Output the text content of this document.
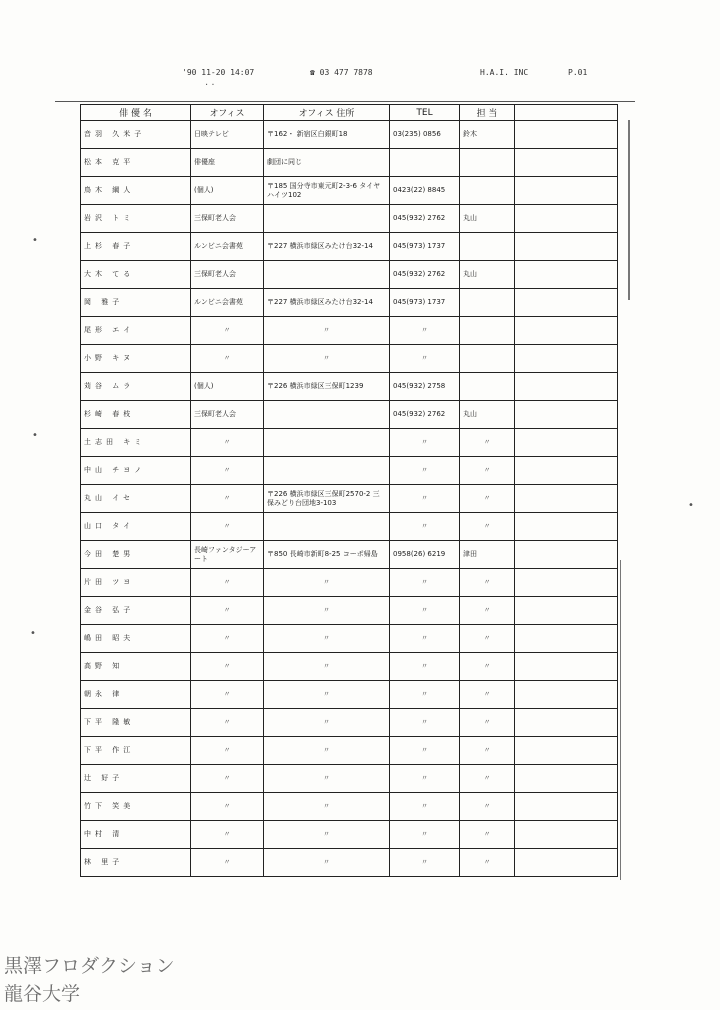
'90 11-20 14:07	☎ 03 477 7878	H.A.I. INC	P.01
俳 優 名	オフィス	オフィス 住所	TEL	担 当	
音羽 久米子	日映テレビ	〒162・ 新宿区白銀町18	03(235) 0856	鈴木	
松本 克平	俳優座	劇団に同じ			
鳥木 綱人	(個人)	〒185 国分寺市東元町2-3-6 タイヤハイツ102	0423(22) 8845		
岩沢 トミ	三保町老人会		045(932) 2762	丸山	
上杉 春子	ルンビニ会書苑	〒227 横浜市緑区みたけ台32-14	045(973) 1737		
大木 てる	三保町老人会		045(932) 2762	丸山	
岡 雅子	ルンビニ会書苑	〒227 横浜市緑区みたけ台32-14	045(973) 1737		
尾形 エイ	〃	〃	〃		
小野 キヌ	〃	〃	〃		
苅谷 ムラ	(個人)	〒226 横浜市緑区三保町1239	045(932) 2758		
杉崎 春枝	三保町老人会		045(932) 2762	丸山	
土志田 キミ	〃		〃	〃	
中山 チヨノ	〃		〃	〃	
丸山 イセ	〃	〒226 横浜市緑区三保町2570-2 三保みどり台団地3-103	〃	〃	
山口 タイ	〃		〃	〃	
今田 楚男	長崎ファンタジーアート	〒850 長崎市新町8-25 コーポ帰島	0958(26) 6219	津田	
片田 ツヨ	〃	〃	〃	〃	
金谷 弘子	〃	〃	〃	〃	
嶋田 昭夫	〃	〃	〃	〃	
高野 知	〃	〃	〃	〃	
朝永 律	〃	〃	〃	〃	
下平 隆敏	〃	〃	〃	〃	
下平 作江	〃	〃	〃	〃	
辻 好子	〃	〃	〃	〃	
竹下 笑美	〃	〃	〃	〃	
中村 清	〃	〃	〃	〃	
林 里子	〃	〃	〃	〃	
· ·
•
•
•
•
黒澤フロダクション
龍谷大学
